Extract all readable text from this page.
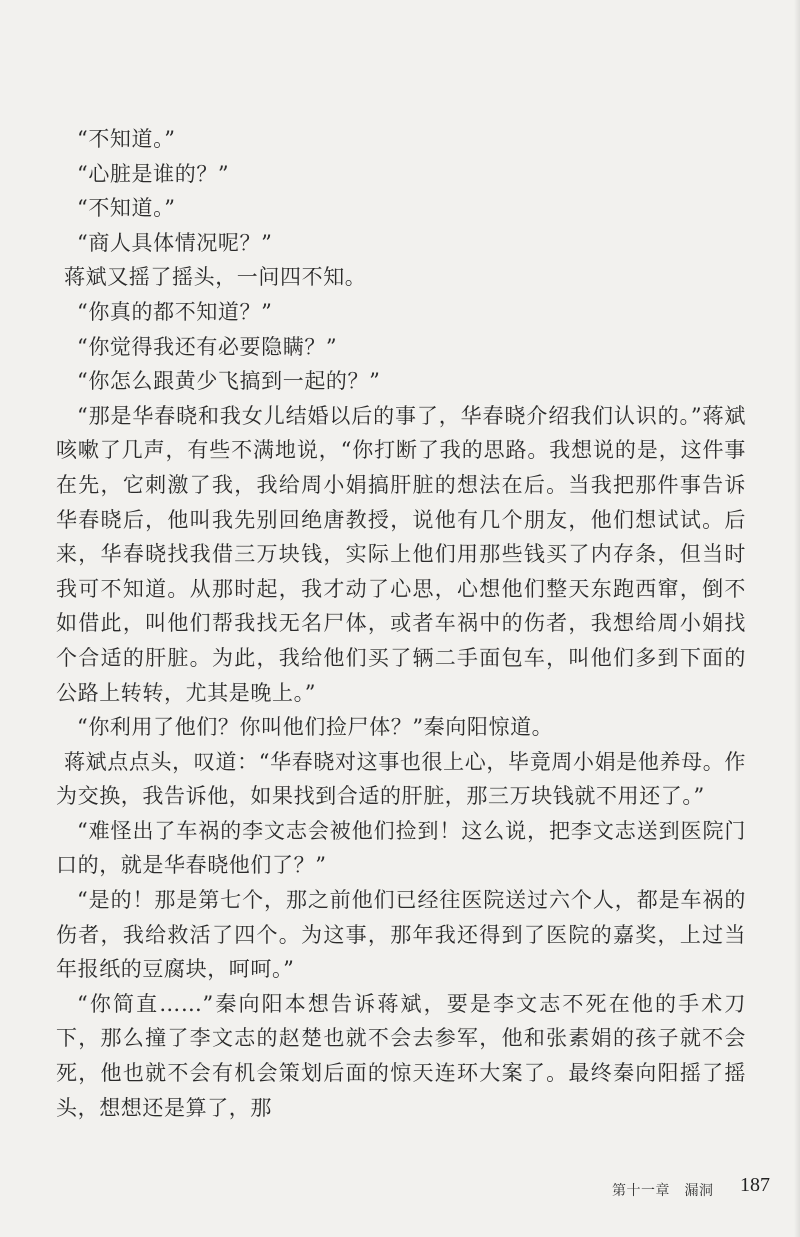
“不知道。”

“心脏是谁的？”

“不知道。”

“商人具体情况呢？”

蒋斌又摇了摇头，一问四不知。

“你真的都不知道？”

“你觉得我还有必要隐瞒？”

“你怎么跟黄少飞搞到一起的？”

“那是华春晓和我女儿结婚以后的事了，华春晓介绍我们认识的。”蒋斌咳嗽了几声，有些不满地说，“你打断了我的思路。我想说的是，这件事在先，它刺激了我，我给周小娟搞肝脏的想法在后。当我把那件事告诉华春晓后，他叫我先别回绝唐教授，说他有几个朋友，他们想试试。后来，华春晓找我借三万块钱，实际上他们用那些钱买了内存条，但当时我可不知道。从那时起，我才动了心思，心想他们整天东跑西窜，倒不如借此，叫他们帮我找无名尸体，或者车祸中的伤者，我想给周小娟找个合适的肝脏。为此，我给他们买了辆二手面包车，叫他们多到下面的公路上转转，尤其是晚上。”

“你利用了他们？你叫他们捡尸体？”秦向阳惊道。

蒋斌点点头，叹道：“华春晓对这事也很上心，毕竟周小娟是他养母。作为交换，我告诉他，如果找到合适的肝脏，那三万块钱就不用还了。”

“难怪出了车祸的李文志会被他们捡到！这么说，把李文志送到医院门口的，就是华春晓他们了？”

“是的！那是第七个，那之前他们已经往医院送过六个人，都是车祸的伤者，我给救活了四个。为这事，那年我还得到了医院的嘉奖，上过当年报纸的豆腐块，呵呵。”

“你简直……”秦向阳本想告诉蒋斌，要是李文志不死在他的手术刀下，那么撞了李文志的赵楚也就不会去参军，他和张素娟的孩子就不会死，他也就不会有机会策划后面的惊天连环大案了。最终秦向阳摇了摇头，想想还是算了，那

第十一章　漏洞 187
